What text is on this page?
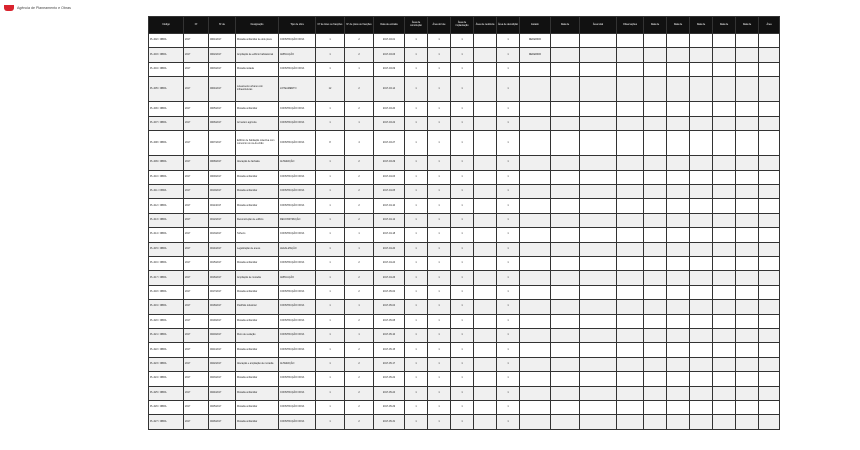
Agência de Planeamento e Obras
Código	Nº	Nº de	Designação	Tipo de obra	Nº de lotes ou fracções	Nº de pisos ou fracções	Data de entrada	Área de construção	Área do lote	Área de implantação	Área de cedência	Área de demolição	Estado	Data de	Área total	Observações	Data de	Data de	Data de	Data de	Data de	Área
PL-002 / OBRA	2017	0001/2017	Moradia unifamiliar de dois pisos	CONSTRUÇÃO NOVA	1	2	2017-03-01	1	1	1		1	DEFERIDO									
PL-003 / OBRA	2017	0002/2017	Ampliação de edifício habitacional	AMPLIAÇÃO	1	2	2017-03-06	1	1	1		1	DEFERIDO									
PL-004 / OBRA	2017	0003/2017	Moradia isolada	CONSTRUÇÃO NOVA	1	1	2017-03-09	1	1	1		1										
PL-005 / OBRA	2017	0004/2017	Loteamento urbano com infraestruturas	LOTEAMENTO	12	2	2017-03-14	1	1	1		1										
PL-006 / OBRA	2017	0005/2017	Moradia unifamiliar	CONSTRUÇÃO NOVA	1	2	2017-03-20	1	1	1		1										
PL-007 / OBRA	2017	0006/2017	Armazém agrícola	CONSTRUÇÃO NOVA	1	1	2017-03-22	1	1	1		1										
PL-008 / OBRA	2017	0007/2017	Edifício de habitação colectiva com comércio no rés-do-chão	CONSTRUÇÃO NOVA	8	4	2017-03-27	1	1	1		1										
PL-009 / OBRA	2017	0008/2017	Alteração de fachada	ALTERAÇÃO	1	2	2017-03-29	1	1	1		1										
PL-010 / OBRA	2017	0009/2017	Moradia unifamiliar	CONSTRUÇÃO NOVA	1	2	2017-04-03	1	1	1		1										
PL-011 / OBRA	2017	0010/2017	Moradia unifamiliar	CONSTRUÇÃO NOVA	1	2	2017-04-05	1	1	1		1										
PL-012 / OBRA	2017	0011/2017	Moradia unifamiliar	CONSTRUÇÃO NOVA	1	2	2017-04-10	1	1	1		1										
PL-013 / OBRA	2017	0012/2017	Reconstrução de edifício	RECONSTRUÇÃO	1	2	2017-04-12	1	1	1		1										
PL-014 / OBRA	2017	0013/2017	Telheiro	CONSTRUÇÃO NOVA	1	1	2017-04-18	1	1	1		1										
PL-015 / OBRA	2017	0014/2017	Legalização de anexo	LEGALIZAÇÃO	1	1	2017-04-20	1	1	1		1										
PL-016 / OBRA	2017	0015/2017	Moradia unifamiliar	CONSTRUÇÃO NOVA	1	2	2017-04-24	1	1	1		1										
PL-017 / OBRA	2017	0016/2017	Ampliação de moradia	AMPLIAÇÃO	1	2	2017-04-26	1	1	1		1										
PL-018 / OBRA	2017	0017/2017	Moradia unifamiliar	CONSTRUÇÃO NOVA	1	2	2017-05-02	1	1	1		1										
PL-019 / OBRA	2017	0018/2017	Pavilhão industrial	CONSTRUÇÃO NOVA	1	1	2017-05-04	1	1	1		1										
PL-020 / OBRA	2017	0019/2017	Moradia unifamiliar	CONSTRUÇÃO NOVA	1	2	2017-05-08	1	1	1		1										
PL-021 / OBRA	2017	0020/2017	Muro de vedação	CONSTRUÇÃO NOVA	1	1	2017-05-10	1	1	1		1										
PL-022 / OBRA	2017	0021/2017	Moradia unifamiliar	CONSTRUÇÃO NOVA	1	2	2017-05-15	1	1	1		1										
PL-023 / OBRA	2017	0022/2017	Alteração e ampliação de moradia	ALTERAÇÃO	1	2	2017-05-17	1	1	1		1										
PL-024 / OBRA	2017	0023/2017	Moradia unifamiliar	CONSTRUÇÃO NOVA	1	2	2017-05-22	1	1	1		1										
PL-025 / OBRA	2017	0024/2017	Moradia unifamiliar	CONSTRUÇÃO NOVA	1	2	2017-05-24	1	1	1		1										
PL-026 / OBRA	2017	0025/2017	Moradia unifamiliar	CONSTRUÇÃO NOVA	1	2	2017-05-29	1	1	1		1										
PL-027 / OBRA	2017	0026/2017	Moradia unifamiliar	CONSTRUÇÃO NOVA	1	2	2017-05-31	1	1	1		1										
